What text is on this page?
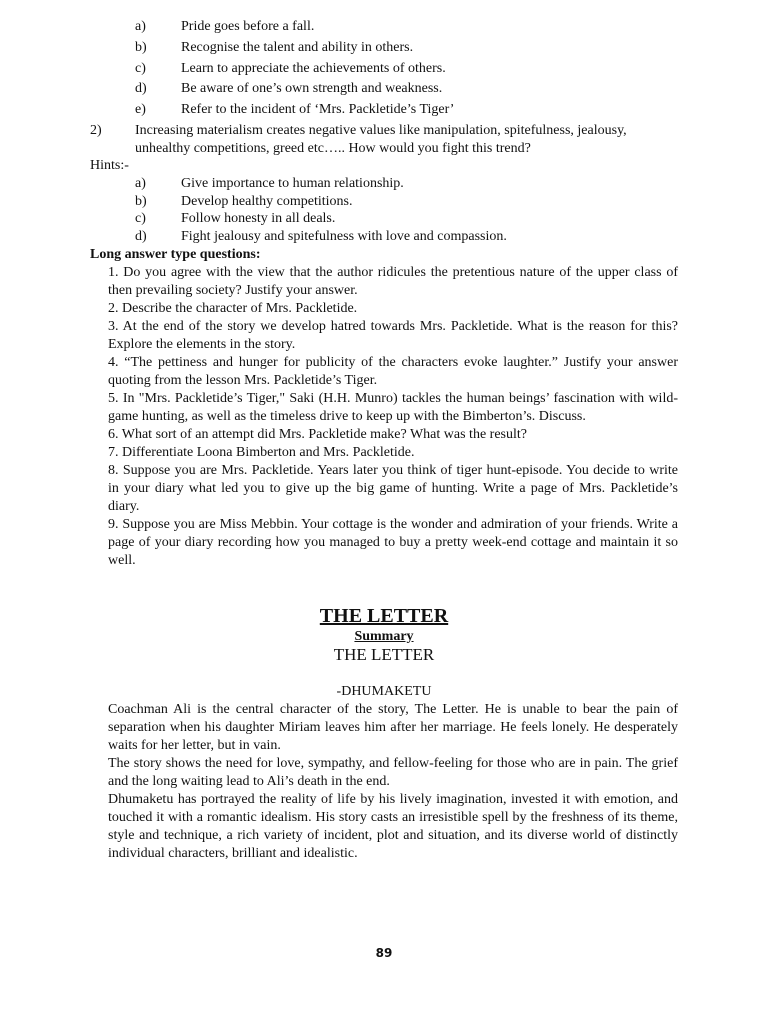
a)	Pride goes before a fall.
b) Recognise the talent and ability in others.
c)	Learn to appreciate the achievements of others.
d) Be aware of one’s own strength and weakness.
e)	Refer to the incident of ‘Mrs. Packletide’s Tiger’
2) Increasing materialism creates negative values like manipulation, spitefulness, jealousy,
unhealthy competitions, greed etc….. How would you fight this trend?
Hints:-
a)	Give importance to human relationship.
b) Develop healthy competitions.
c)	Follow honesty in all deals.
d) Fight jealousy and spitefulness with love and compassion.
Long answer type questions:

1. Do you agree with the view that the author ridicules the pretentious nature of the upper class of then prevailing society? Justify your answer.

2. Describe the character of Mrs. Packletide.

3. At the end of the story we develop hatred towards Mrs. Packletide. What is the reason for this? Explore the elements in the story.

4. “The pettiness and hunger for publicity of the characters evoke laughter.” Justify your answer quoting from the lesson Mrs. Packletide’s Tiger.

5. In "Mrs. Packletide’s Tiger," Saki (H.H. Munro) tackles the human beings’ fascination with wild-game hunting, as well as the timeless drive to keep up with the Bimberton’s. Discuss.

6. What sort of an attempt did Mrs. Packletide make? What was the result?

7. Differentiate Loona Bimberton and Mrs. Packletide.

8. Suppose you are Mrs. Packletide. Years later you think of tiger hunt-episode. You decide to write in your diary what led you to give up the big game of hunting. Write a page of Mrs. Packletide’s diary.

9. Suppose you are Miss Mebbin. Your cottage is the wonder and admiration of your friends. Write a page of your diary recording how you managed to buy a pretty week-end cottage and maintain it so well.

THE LETTER
Summary
THE LETTER
-DHUMAKETU

Coachman Ali is the central character of the story, The Letter. He is unable to bear the pain of separation when his daughter Miriam leaves him after her marriage. He feels lonely. He desperately waits for her letter, but in vain.

The story shows the need for love, sympathy, and fellow-feeling for those who are in pain. The grief and the long waiting lead to Ali’s death in the end.

Dhumaketu has portrayed the reality of life by his lively imagination, invested it with emotion, and touched it with a romantic idealism. His story casts an irresistible spell by the freshness of its theme, style and technique, a rich variety of incident, plot and situation, and its diverse world of distinctly individual characters, brilliant and idealistic.

89
